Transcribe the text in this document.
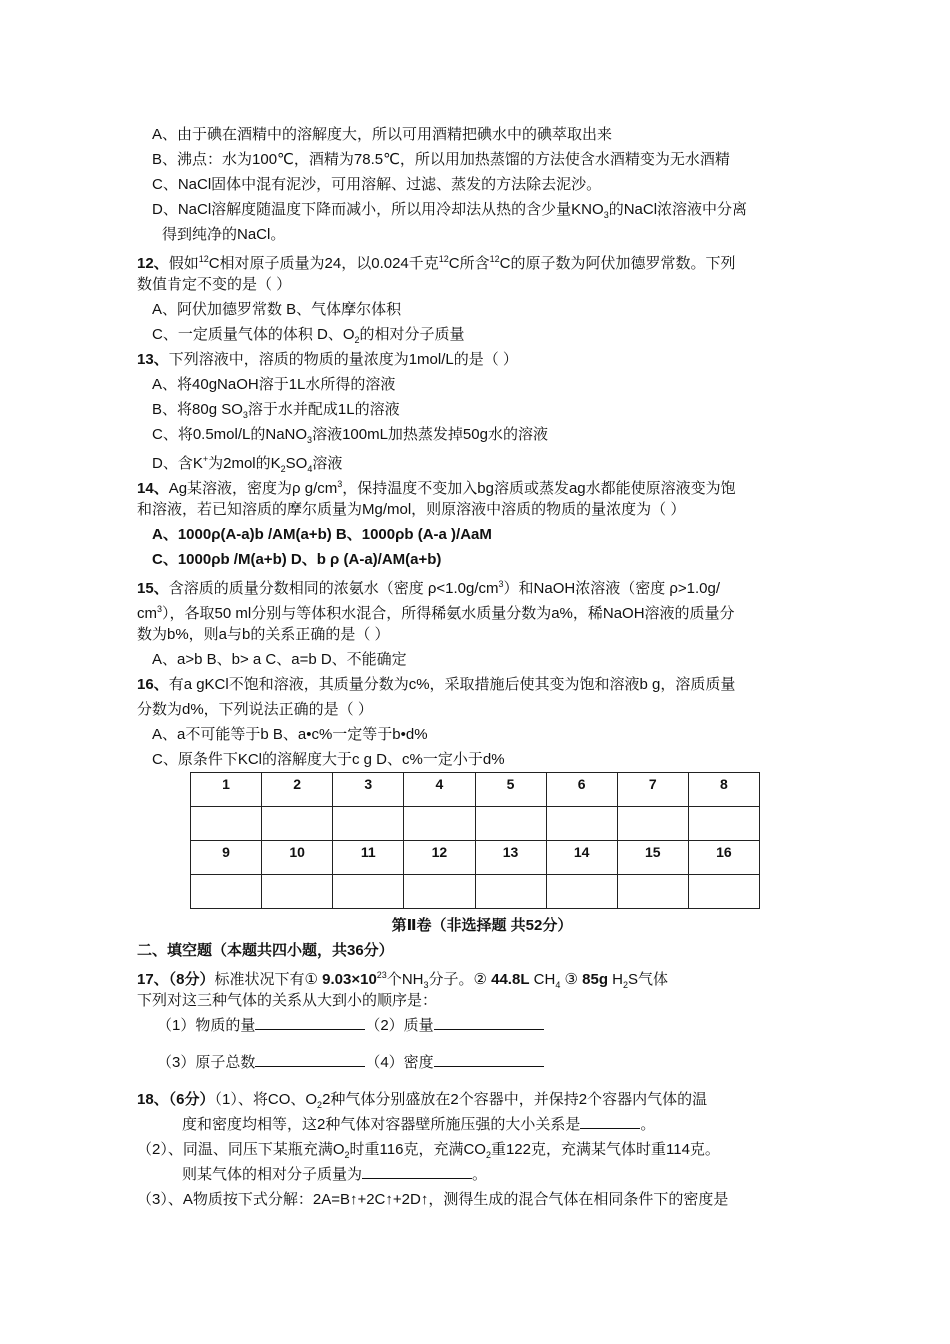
A、由于碘在酒精中的溶解度大，所以可用酒精把碘水中的碘萃取出来
B、沸点：水为100℃，酒精为78.5℃，所以用加热蒸馏的方法使含水酒精变为无水酒精
C、NaCl固体中混有泥沙，可用溶解、过滤、蒸发的方法除去泥沙。
D、NaCl溶解度随温度下降而减小，所以用冷却法从热的含少量$KNO_3$的NaCl浓溶液中分离
得到纯净的NaCl。
12、假如$^{12}$C相对原子质量为24，以0.024千克$^{12}$C所含$^{12}$C的原子数为阿伏加德罗常数。下列
数值肯定不变的是（ ）
A、阿伏加德罗常数 B、气体摩尔体积
C、一定质量气体的体积 D、$O_2$的相对分子质量
13、下列溶液中，溶质的物质的量浓度为1mol/L的是（ ）
A、将40gNaOH溶于1L水所得的溶液
B、将80g $SO_3$溶于水并配成1L的溶液
C、将0.5mol/L的NaNO$_3$溶液100mL加热蒸发掉50g水的溶液
D、含K+为2mol的$K_2SO_4$溶液
14、Ag某溶液，密度为ρ $g/cm^3$，保持温度不变加入bg溶质或蒸发ag水都能使原溶液变为饱
和溶液，若已知溶质的摩尔质量为Mg/mol，则原溶液中溶质的物质的量浓度为（ ）
A、1000ρ(A-a)b /AM(a+b) B、1000ρb (A-a )/AaM
C、1000ρb /M(a+b) D、b ρ (A-a)/AM(a+b)
15、含溶质的质量分数相同的浓氨水（密度 $\rho<1.0g/cm^3$）和NaOH浓溶液（密度 ρ>1.0g/
$cm^3$），各取50 ml分别与等体积水混合，所得稀氨水质量分数为a%，稀NaOH溶液的质量分
数为b%，则a与b的关系正确的是（ ）
A、a>b B、b> a C、a=b D、不能确定
16、有a gKCl不饱和溶液，其质量分数为c%，采取措施后使其变为饱和溶液b g，溶质质量
分数为d%，下列说法正确的是（ ）
A、a不可能等于b B、a•c%一定等于b•d%
C、原条件下KCl的溶解度大于c g D、c%一定小于d%
1	2	3	4	5	6	7	8

9	10	11	12	13	14	15	16

第Ⅱ卷（非选择题 共52分）
二、填空题（本题共四小题，共36分）
17、（8分）标准状况下有① $9.03\times 10^{23}$个$NH_3$分子。② 44.8L $CH_4$ ③ 85g $H_2S$气体
下列对这三种气体的关系从大到小的顺序是：
（1）物质的量	（2）质量
（3）原子总数	（4）密度
18、（6分）（1）、将CO、$O_22$种气体分别盛放在2个容器中，并保持2个容器内气体的温
度和密度均相等，这2种气体对容器壁所施压强的大小关系是	。
（2）、同温、同压下某瓶充满$O_2$时重116克，充满$CO_2$重122克，充满某气体时重114克。
则某气体的相对分子质量为	。
（3）、A物质按下式分解：2A=B↑+2C↑+2D↑，测得生成的混合气体在相同条件下的密度是
